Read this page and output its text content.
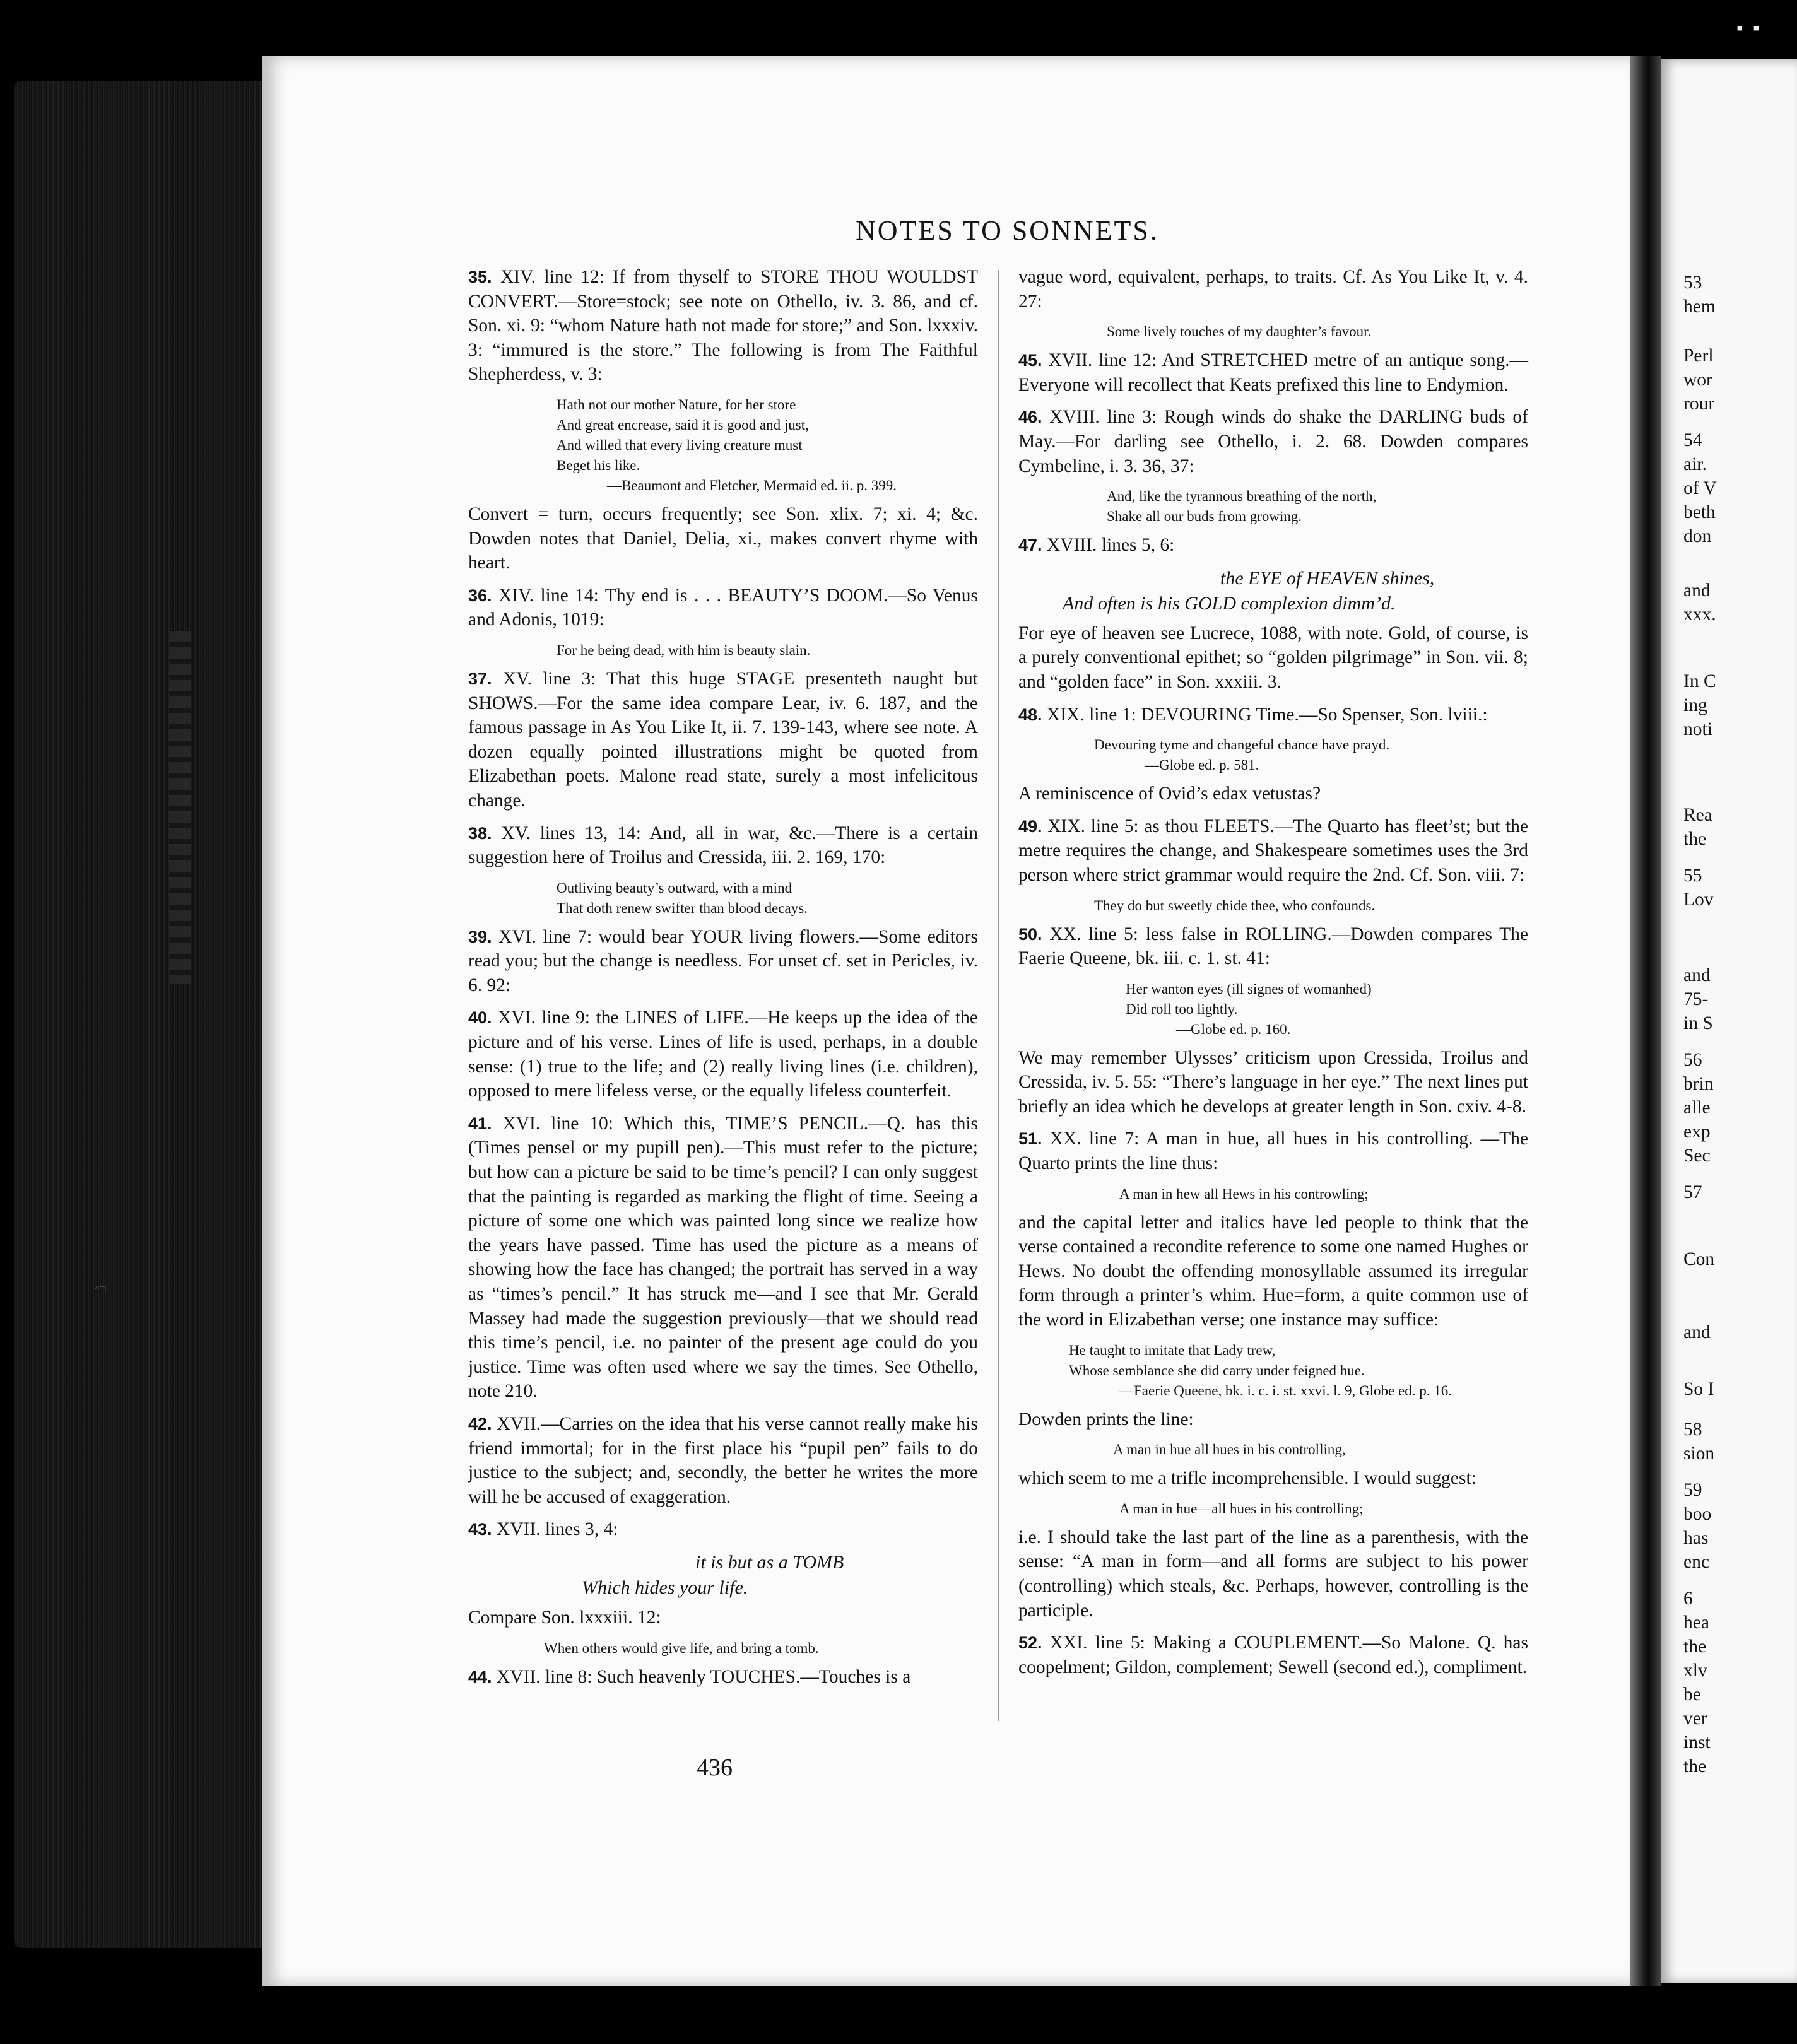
ר״
▪ ▪
53
hem
Perl
wor
rour
54
air.
of V
beth
don
and
xxx.
In C
ing
noti
Rea
the
55
Lov
and
75-
in S
56
brin
alle
exp
Sec
57
Con
and
So I
58
sion
59
boo
has
enc
6
hea
the
xlv
be
ver
inst
the
NOTES TO SONNETS.

35. XIV. line 12: If from thyself to STORE THOU WOULDST CONVERT.—Store=stock; see note on Othello, iv. 3. 86, and cf. Son. xi. 9: “whom Nature hath not made for store;” and Son. lxxxiv. 3: “immured is the store.” The following is from The Faithful Shepherdess, v. 3:

Hath not our mother Nature, for her store
And great encrease, said it is good and just,
And willed that every living creature must
Beget his like.
—Beaumont and Fletcher, Mermaid ed. ii. p. 399.

Convert = turn, occurs frequently; see Son. xlix. 7; xi. 4; &c. Dowden notes that Daniel, Delia, xi., makes convert rhyme with heart.

36. XIV. line 14: Thy end is . . . BEAUTY’S DOOM.—So Venus and Adonis, 1019:

For he being dead, with him is beauty slain.

37. XV. line 3: That this huge STAGE presenteth naught but SHOWS.—For the same idea compare Lear, iv. 6. 187, and the famous passage in As You Like It, ii. 7. 139-143, where see note. A dozen equally pointed illustrations might be quoted from Elizabethan poets. Malone read state, surely a most infelicitous change.

38. XV. lines 13, 14: And, all in war, &c.—There is a certain suggestion here of Troilus and Cressida, iii. 2. 169, 170:

Outliving beauty’s outward, with a mind
That doth renew swifter than blood decays.

39. XVI. line 7: would bear YOUR living flowers.—Some editors read you; but the change is needless. For unset cf. set in Pericles, iv. 6. 92:

40. XVI. line 9: the LINES of LIFE.—He keeps up the idea of the picture and of his verse. Lines of life is used, perhaps, in a double sense: (1) true to the life; and (2) really living lines (i.e. children), opposed to mere lifeless verse, or the equally lifeless counterfeit.

41. XVI. line 10: Which this, TIME’S PENCIL.—Q. has this (Times pensel or my pupill pen).—This must refer to the picture; but how can a picture be said to be time’s pencil? I can only suggest that the painting is regarded as marking the flight of time. Seeing a picture of some one which was painted long since we realize how the years have passed. Time has used the picture as a means of showing how the face has changed; the portrait has served in a way as “times’s pencil.” It has struck me—and I see that Mr. Gerald Massey had made the suggestion previously—that we should read this time’s pencil, i.e. no painter of the present age could do you justice. Time was often used where we say the times. See Othello, note 210.

42. XVII.—Carries on the idea that his verse cannot really make his friend immortal; for in the first place his “pupil pen” fails to do justice to the subject; and, secondly, the better he writes the more will he be accused of exaggeration.

43. XVII. lines 3, 4:

it is but as a TOMB
Which hides your life.

Compare Son. lxxxiii. 12:

When others would give life, and bring a tomb.

44. XVII. line 8: Such heavenly TOUCHES.—Touches is a

vague word, equivalent, perhaps, to traits. Cf. As You Like It, v. 4. 27:

Some lively touches of my daughter’s favour.

45. XVII. line 12: And STRETCHED metre of an antique song.—Everyone will recollect that Keats prefixed this line to Endymion.

46. XVIII. line 3: Rough winds do shake the DARLING buds of May.—For darling see Othello, i. 2. 68. Dowden compares Cymbeline, i. 3. 36, 37:

And, like the tyrannous breathing of the north,
Shake all our buds from growing.

47. XVIII. lines 5, 6:

the EYE of HEAVEN shines,
And often is his GOLD complexion dimm’d.

For eye of heaven see Lucrece, 1088, with note. Gold, of course, is a purely conventional epithet; so “golden pilgrimage” in Son. vii. 8; and “golden face” in Son. xxxiii. 3.

48. XIX. line 1: DEVOURING Time.—So Spenser, Son. lviii.:

Devouring tyme and changeful chance have prayd.
—Globe ed. p. 581.

A reminiscence of Ovid’s edax vetustas?

49. XIX. line 5: as thou FLEETS.—The Quarto has fleet’st; but the metre requires the change, and Shakespeare sometimes uses the 3rd person where strict grammar would require the 2nd. Cf. Son. viii. 7:

They do but sweetly chide thee, who confounds.

50. XX. line 5: less false in ROLLING.—Dowden compares The Faerie Queene, bk. iii. c. 1. st. 41:

Her wanton eyes (ill signes of womanhed)
Did roll too lightly.
—Globe ed. p. 160.

We may remember Ulysses’ criticism upon Cressida, Troilus and Cressida, iv. 5. 55: “There’s language in her eye.” The next lines put briefly an idea which he develops at greater length in Son. cxiv. 4-8.

51. XX. line 7: A man in hue, all hues in his controlling. —The Quarto prints the line thus:

A man in hew all Hews in his controwling;

and the capital letter and italics have led people to think that the verse contained a recondite reference to some one named Hughes or Hews. No doubt the offending monosyllable assumed its irregular form through a printer’s whim. Hue=form, a quite common use of the word in Elizabethan verse; one instance may suffice:

He taught to imitate that Lady trew,
Whose semblance she did carry under feigned hue.
—Faerie Queene, bk. i. c. i. st. xxvi. l. 9, Globe ed. p. 16.

Dowden prints the line:

A man in hue all hues in his controlling,

which seem to me a trifle incomprehensible. I would suggest:

A man in hue—all hues in his controlling;

i.e. I should take the last part of the line as a parenthesis, with the sense: “A man in form—and all forms are subject to his power (controlling) which steals, &c. Perhaps, however, controlling is the participle.

52. XXI. line 5: Making a COUPLEMENT.—So Malone. Q. has coopelment; Gildon, complement; Sewell (second ed.), compliment.

436
